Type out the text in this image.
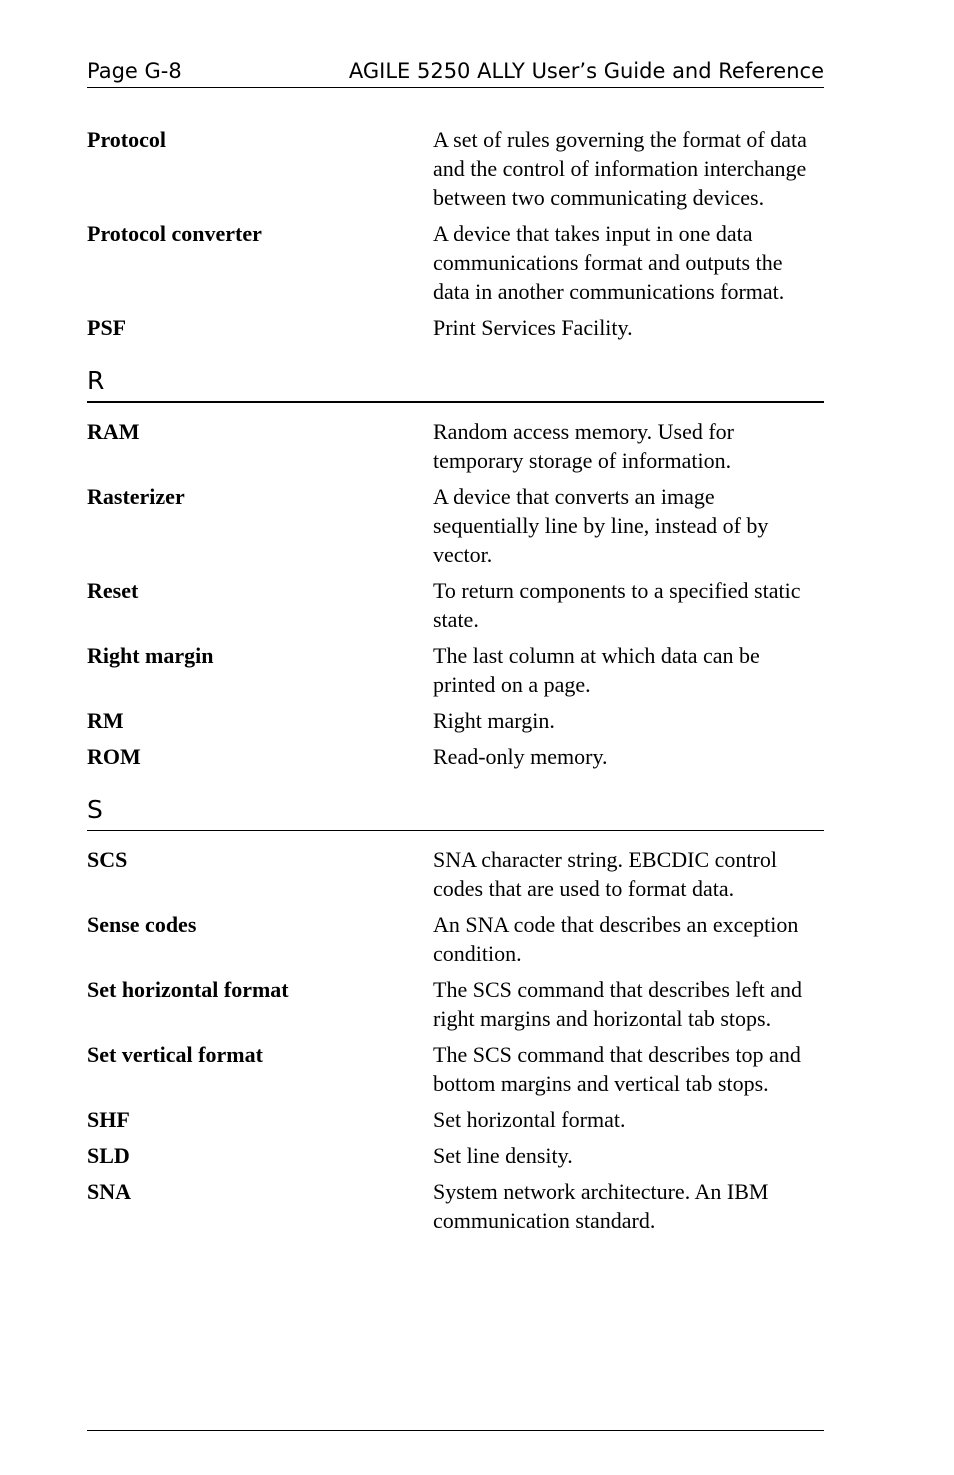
Page G-8	AGILE 5250 ALLY User’s Guide and Reference
Protocol	A set of rules governing the format of data and the control of information interchange between two communicating devices.
Protocol converter	A device that takes input in one data communications format and outputs the data in another communications format.
PSF	Print Services Facility.
R
RAM	Random access memory. Used for temporary storage of information.
Rasterizer	A device that converts an image sequentially line by line, instead of by vector.
Reset	To return components to a specified static state.
Right margin	The last column at which data can be printed on a page.
RM	Right margin.
ROM	Read-only memory.
S
SCS	SNA character string. EBCDIC control codes that are used to format data.
Sense codes	An SNA code that describes an exception condition.
Set horizontal format	The SCS command that describes left and right margins and horizontal tab stops.
Set vertical format	The SCS command that describes top and bottom margins and vertical tab stops.
SHF	Set horizontal format.
SLD	Set line density.
SNA	System network architecture. An IBM communication standard.
